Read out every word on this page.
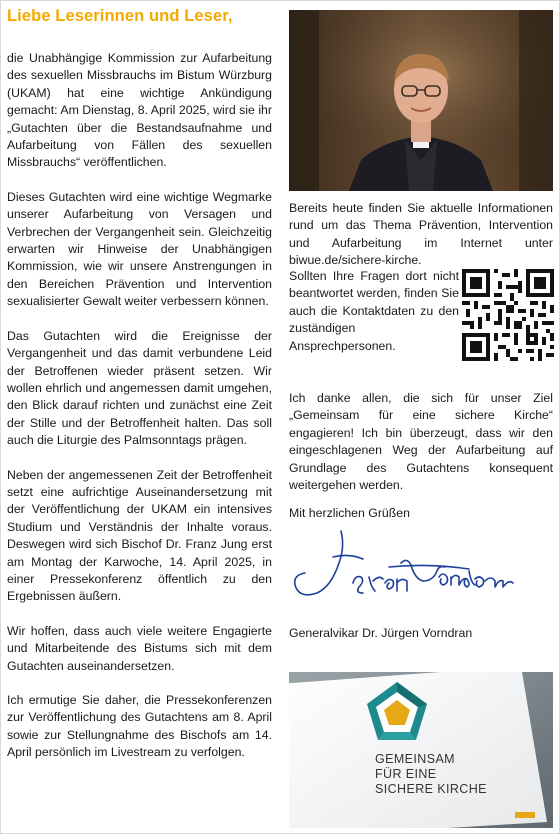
Liebe Leserinnen und Leser,

die Unabhängige Kommission zur Aufarbeitung des sexuellen Missbrauchs im Bistum Würzburg (UKAM) hat eine wichtige Ankündigung gemacht: Am Dienstag, 8. April 2025, wird sie ihr „Gutachten über die Bestandsaufnahme und Aufarbeitung von Fällen des sexuellen Missbrauchs“ veröffentlichen.

Dieses Gutachten wird eine wichtige Wegmarke unserer Aufarbeitung von Versagen und Verbrechen der Vergangenheit sein. Gleichzeitig erwarten wir Hinweise der Unabhängigen Kommission, wie wir unsere Anstrengungen in den Bereichen Prävention und Intervention sexualisierter Gewalt weiter verbessern können.

Das Gutachten wird die Ereignisse der Vergangenheit und das damit verbundene Leid der Betroffenen wieder präsent setzen. Wir wollen ehrlich und angemessen damit umgehen, den Blick darauf richten und zunächst eine Zeit der Stille und der Betroffenheit halten. Das soll auch die Liturgie des Palmsonntags prägen.

Neben der angemessenen Zeit der Betroffenheit setzt eine aufrichtige Auseinandersetzung mit der Veröffentlichung der UKAM ein intensives Studium und Verständnis der Inhalte voraus. Deswegen wird sich Bischof Dr. Franz Jung erst am Montag der Karwoche, 14. April 2025, in einer Pressekonferenz öffentlich zu den Ergebnissen äußern.

Wir hoffen, dass auch viele weitere Engagierte und Mitarbeitende des Bistums sich mit dem Gutachten auseinandersetzen.

Ich ermutige Sie daher, die Pressekonferenzen zur Veröffentlichung des Gutachtens am 8. April sowie zur Stellungnahme des Bischofs am 14. April persönlich im Livestream zu verfolgen.

Bereits heute finden Sie aktuelle Informationen rund um das Thema Prävention, Intervention und Aufarbeitung im Internet unter biwue.de/sichere-kirche.

Sollten Ihre Fragen dort nicht beantwortet werden, finden Sie auch die Kontaktdaten zu den zuständigen Ansprechpersonen.

Ich danke allen, die sich für unser Ziel „Gemeinsam für eine sichere Kirche“ engagieren! Ich bin überzeugt, dass wir den eingeschlagenen Weg der Aufarbeitung auf Grundlage des Gutachtens konsequent weitergehen werden.

Mit herzlichen Grüßen
Generalvikar Dr. Jürgen Vorndran
GEMEINSAM
FÜR EINE
SICHERE KIRCHE
